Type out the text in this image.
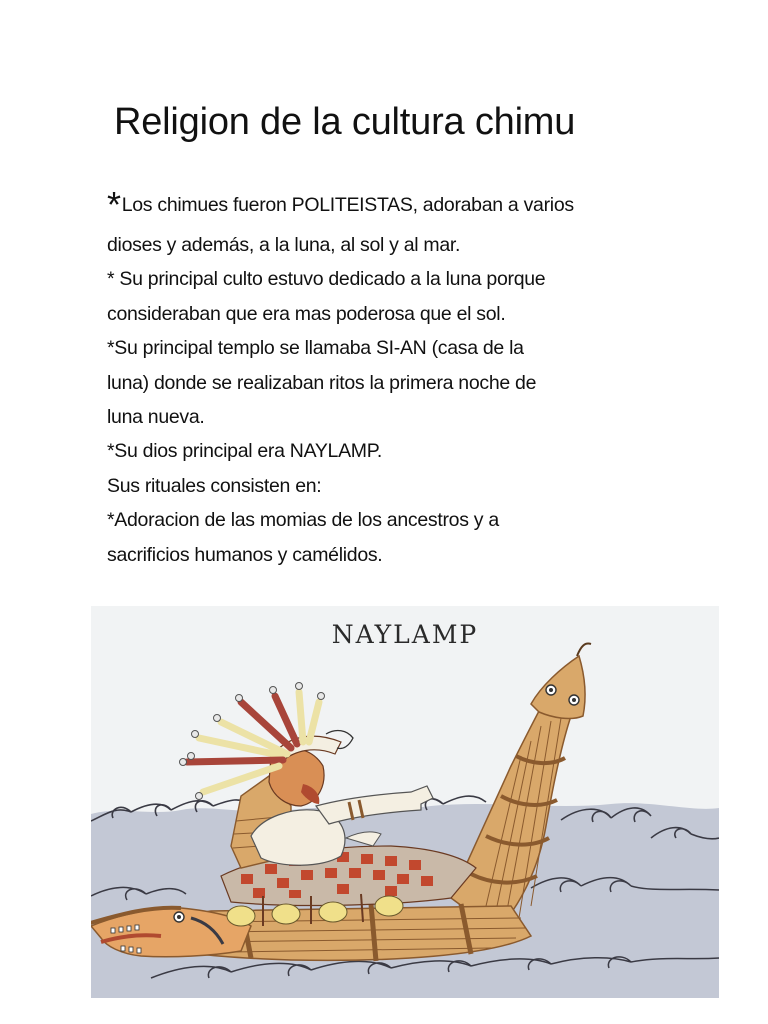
Religion de la cultura chimu
*Los chimues fueron POLITEISTAS, adoraban a varios
dioses y además, a la luna, al sol y al mar.
* Su principal culto estuvo dedicado a la luna porque
consideraban que era mas poderosa que el sol.
*Su principal templo se llamaba SI-AN (casa de la
luna) donde se realizaban ritos la primera noche de
luna nueva.
*Su dios principal era NAYLAMP.
Sus rituales consisten en:
*Adoracion de las momias de los ancestros y a
sacrificios humanos y camélidos.
NAYLAMP
